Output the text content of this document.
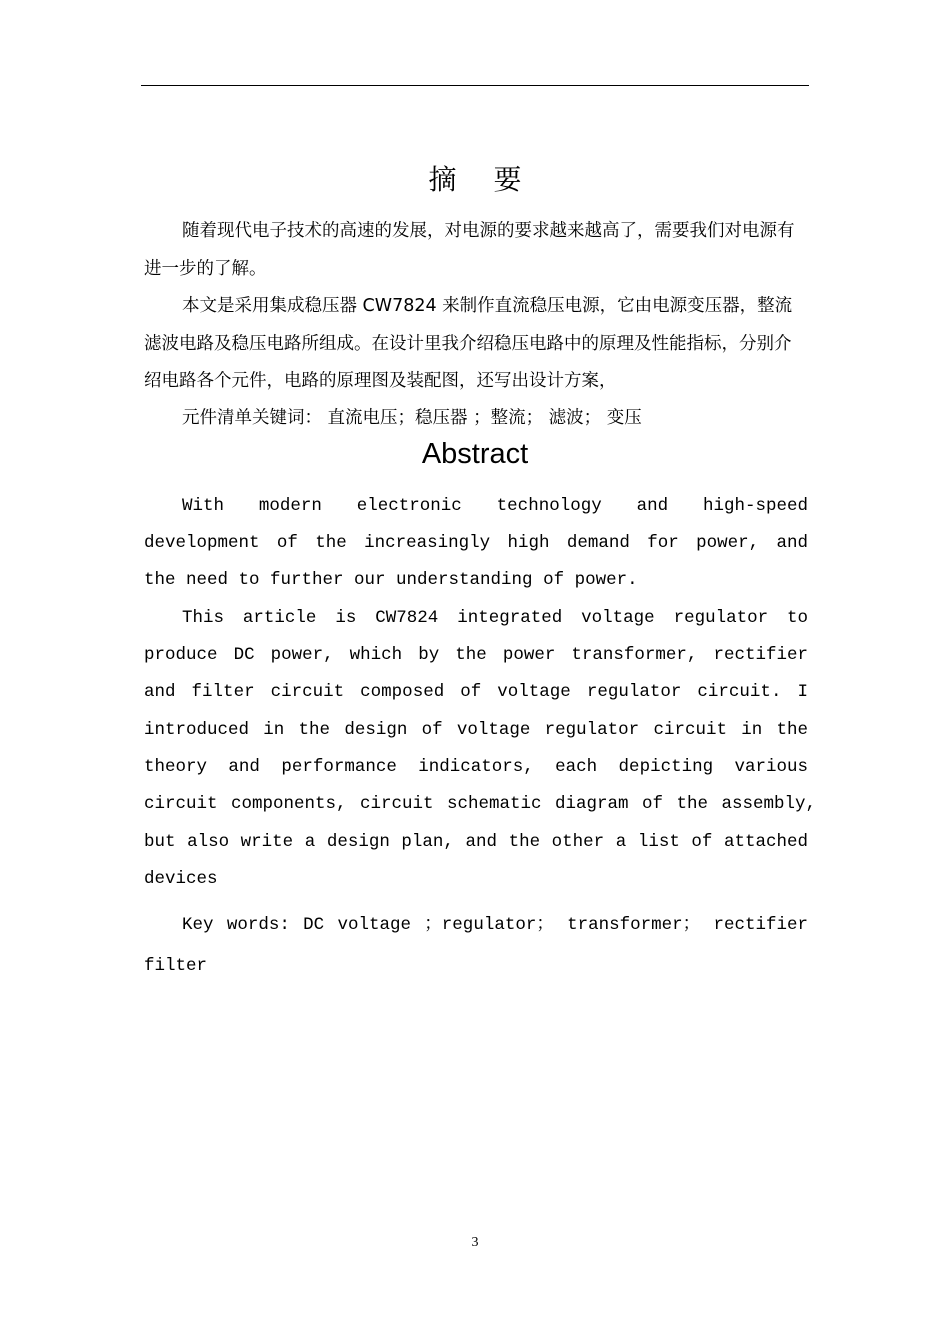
摘 要

随着现代电子技术的高速的发展，对电源的要求越来越高了，需要我们对电源有进一步的了解。

本文是采用集成稳压器 CW7824 来制作直流稳压电源，它由电源变压器，整流滤波电路及稳压电路所组成。在设计里我介绍稳压电路中的原理及性能指标，分别介绍电路各个元件，电路的原理图及装配图，还写出设计方案，

元件清单关键词： 直流电压；稳压器 ；整流； 滤波； 变压
Abstract
With modern electronic technology and high-speed
development of the increasingly high demand for power, and
the need to further our understanding of power.
This article is CW7824 integrated voltage regulator to
produce DC power, which by the power transformer, rectifier
and filter circuit composed of voltage regulator circuit. I
introduced in the design of voltage regulator circuit in the
theory and performance indicators, each depicting various
circuit components, circuit schematic diagram of the assembly,
but also write a design plan, and the other a list of attached
devices
Key words: DC voltage ；regulator； transformer； rectifier
filter
3
